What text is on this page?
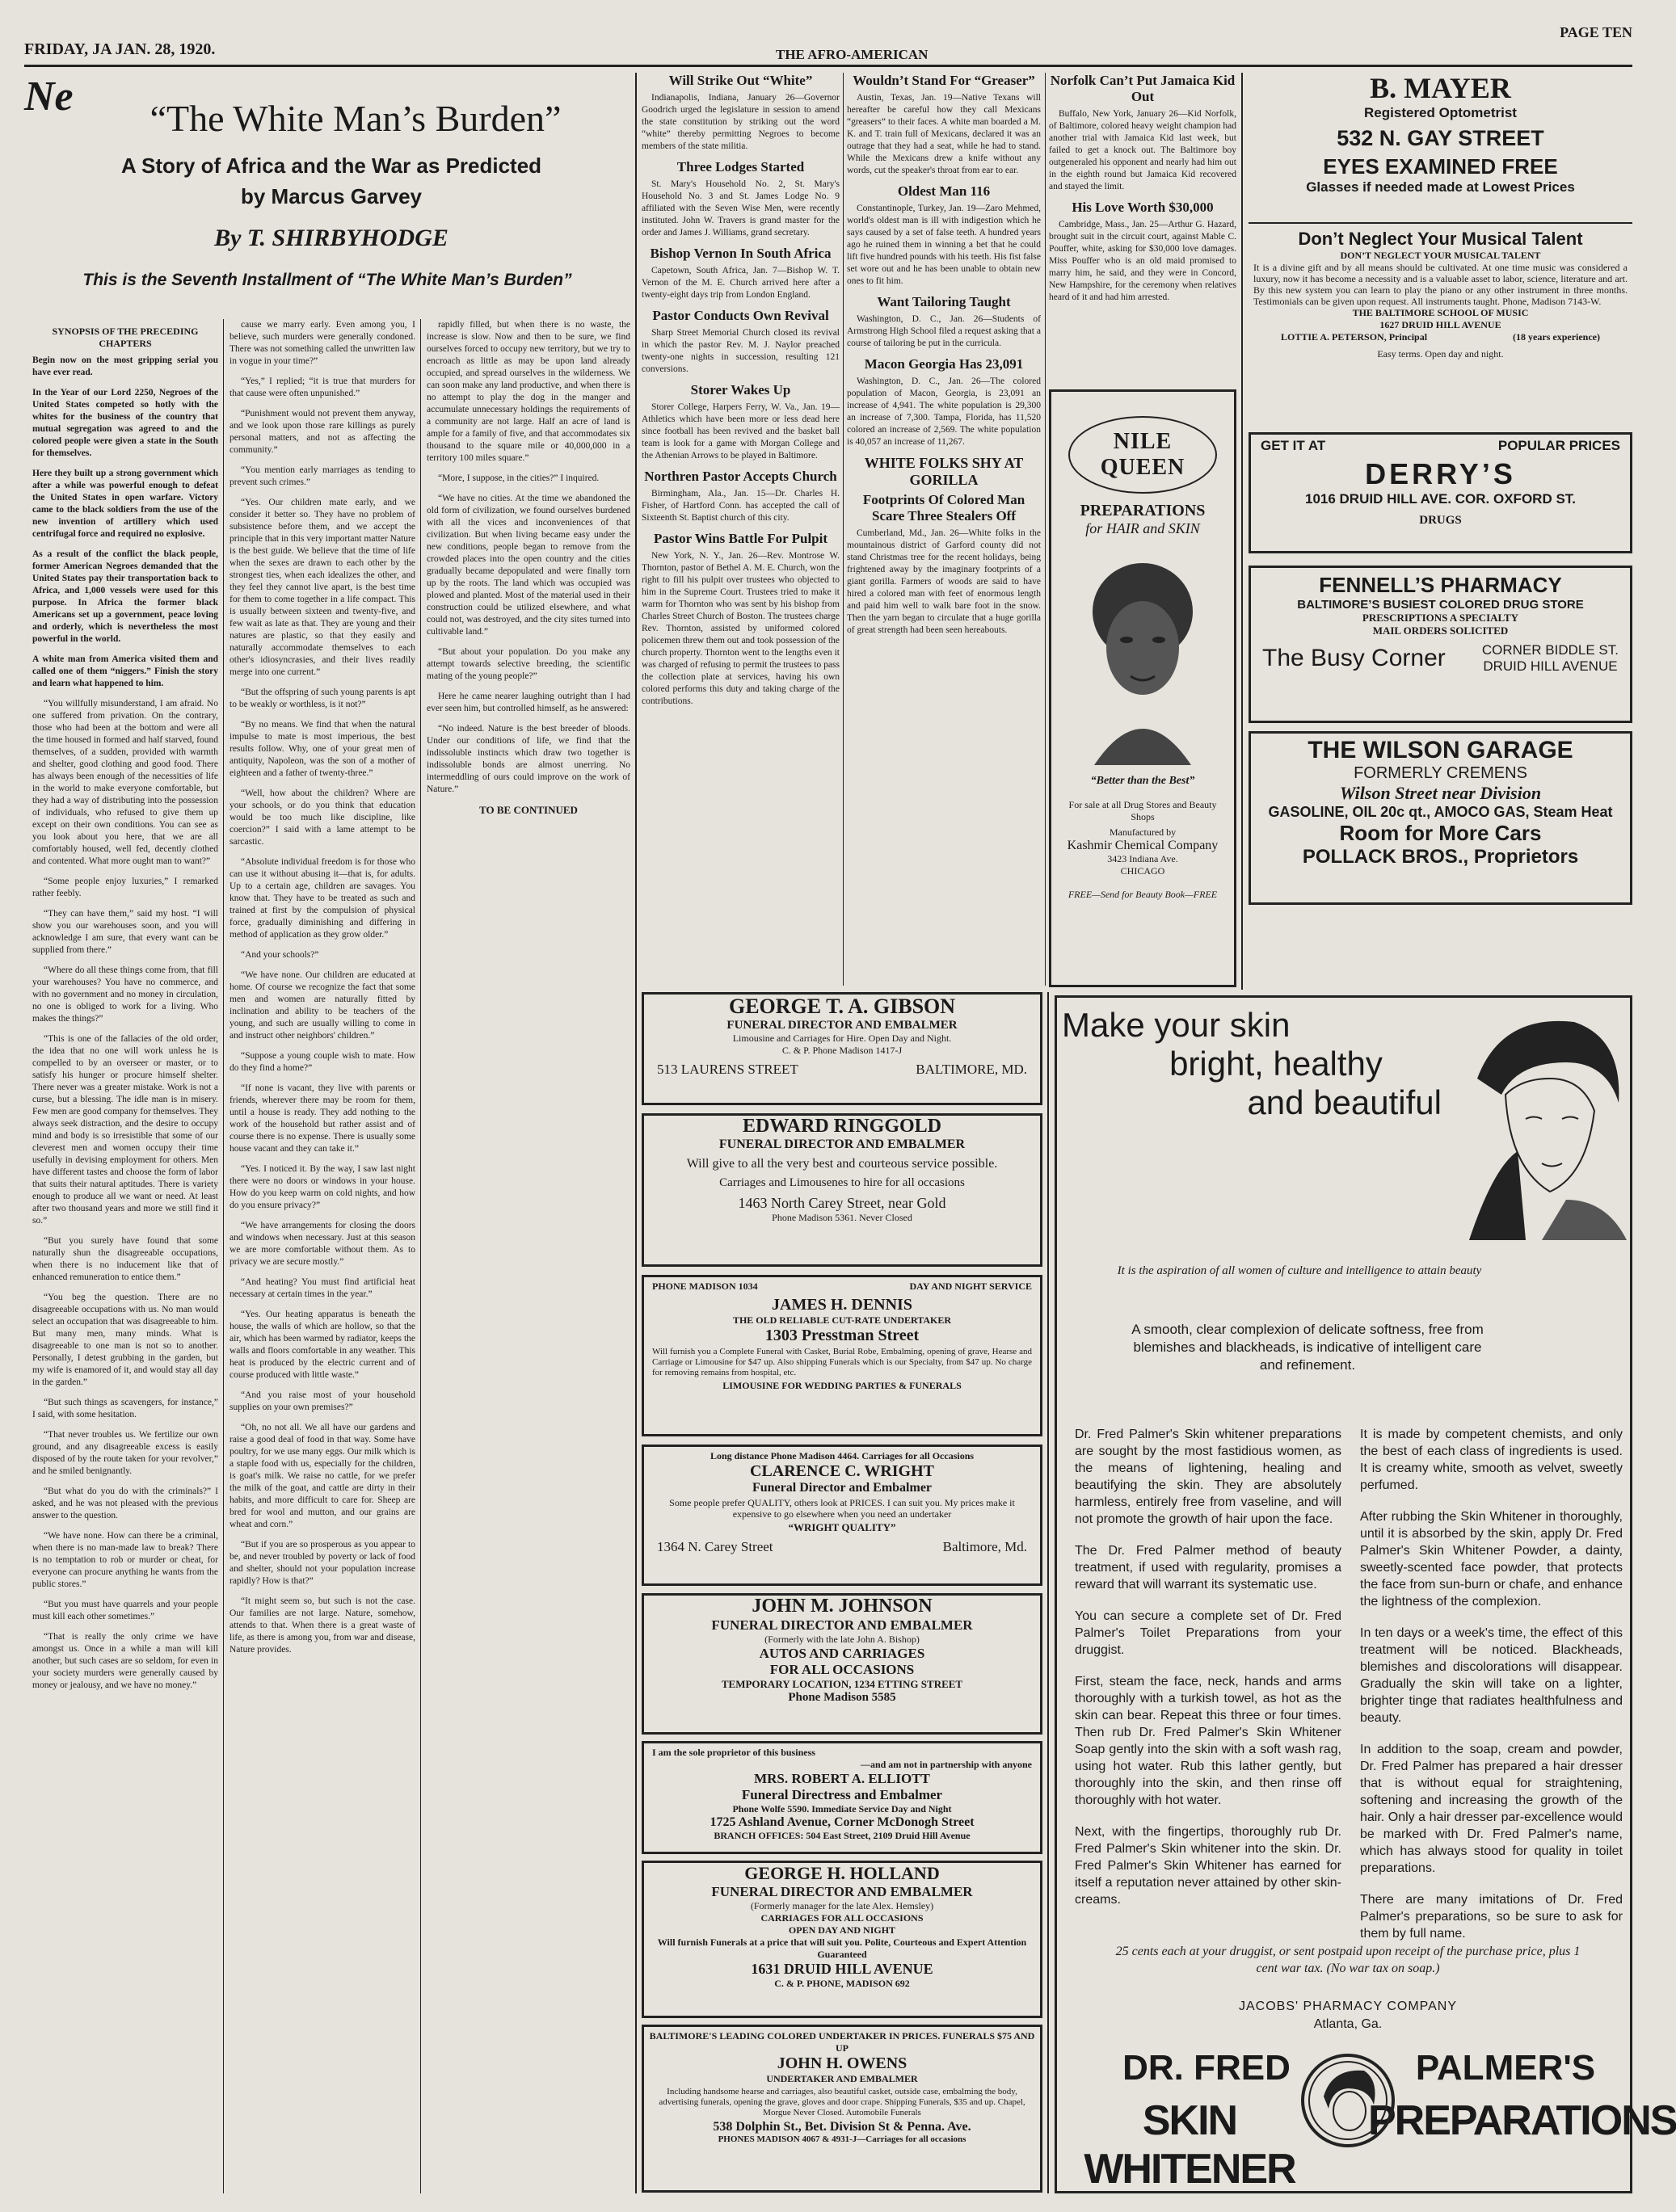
FRIDAY, JA JAN. 28, 1920.	THE AFRO-AMERICAN
PAGE TEN
Ne	“The White Man’s Burden”
A Story of Africa and the War as Predicted
by Marcus Garvey
By T. SHIRBYHODGE
This is the Seventh Installment of “The White Man’s Burden”
SYNOPSIS OF THE PRECEDING CHAPTERS

Begin now on the most gripping serial you have ever read.

In the Year of our Lord 2250, Negroes of the United States competed so hotly with the whites for the business of the country that mutual segregation was agreed to and the colored people were given a state in the South for themselves.

Here they built up a strong government which after a while was powerful enough to defeat the United States in open warfare. Victory came to the black soldiers from the use of the new invention of artillery which used centrifugal force and required no explosive.

As a result of the conflict the black people, former American Negroes demanded that the United States pay their transportation back to Africa, and 1,000 vessels were used for this purpose. In Africa the former black Americans set up a government, peace loving and orderly, which is nevertheless the most powerful in the world.

A white man from America visited them and called one of them “niggers.” Finish the story and learn what happened to him.

“You willfully misunderstand, I am afraid. No one suffered from privation. On the contrary, those who had been at the bottom and were all the time housed in formed and half starved, found themselves, of a sudden, provided with warmth and shelter, good clothing and good food. There has always been enough of the necessities of life in the world to make everyone comfortable, but they had a way of distributing into the possession of individuals, who refused to give them up except on their own conditions. You can see as you look about you here, that we are all comfortably housed, well fed, decently clothed and contented. What more ought man to want?”

“Some people enjoy luxuries,” I remarked rather feebly.

“They can have them,” said my host. “I will show you our warehouses soon, and you will acknowledge I am sure, that every want can be supplied from there.”

“Where do all these things come from, that fill your warehouses? You have no commerce, and with no government and no money in circulation, no one is obliged to work for a living. Who makes the things?”

“This is one of the fallacies of the old order, the idea that no one will work unless he is compelled to by an overseer or master, or to satisfy his hunger or procure himself shelter. There never was a greater mistake. Work is not a curse, but a blessing. The idle man is in misery. Few men are good company for themselves. They always seek distraction, and the desire to occupy mind and body is so irresistible that some of our cleverest men and women occupy their time usefully in devising employment for others. Men have different tastes and choose the form of labor that suits their natural aptitudes. There is variety enough to produce all we want or need. At least after two thousand years and more we still find it so.”

“But you surely have found that some naturally shun the disagreeable occupations, when there is no inducement like that of enhanced remuneration to entice them.”

“You beg the question. There are no disagreeable occupations with us. No man would select an occupation that was disagreeable to him. But many men, many minds. What is disagreeable to one man is not so to another. Personally, I detest grubbing in the garden, but my wife is enamored of it, and would stay all day in the garden.”

“But such things as scavengers, for instance,” I said, with some hesitation.

“That never troubles us. We fertilize our own ground, and any disagreeable excess is easily disposed of by the route taken for your revolver,” and he smiled benignantly.

“But what do you do with the criminals?” I asked, and he was not pleased with the previous answer to the question.

“We have none. How can there be a criminal, when there is no man-made law to break? There is no temptation to rob or murder or cheat, for everyone can procure anything he wants from the public stores.”

“But you must have quarrels and your people must kill each other sometimes.”

“That is really the only crime we have amongst us. Once in a while a man will kill another, but such cases are so seldom, for even in your society murders were generally caused by money or jealousy, and we have no money.”

cause we marry early. Even among you, I believe, such murders were generally condoned. There was not something called the unwritten law in vogue in your time?”

“Yes,” I replied; “it is true that murders for that cause were often unpunished.”

“Punishment would not prevent them anyway, and we look upon those rare killings as purely personal matters, and not as affecting the community.”

“You mention early marriages as tending to prevent such crimes.”

“Yes. Our children mate early, and we consider it better so. They have no problem of subsistence before them, and we accept the principle that in this very important matter Nature is the best guide. We believe that the time of life when the sexes are drawn to each other by the strongest ties, when each idealizes the other, and they feel they cannot live apart, is the best time for them to come together in a life compact. This is usually between sixteen and twenty-five, and few wait as late as that. They are young and their natures are plastic, so that they easily and naturally accommodate themselves to each other's idiosyncrasies, and their lives readily merge into one current.”

“But the offspring of such young parents is apt to be weakly or worthless, is it not?”

“By no means. We find that when the natural impulse to mate is most imperious, the best results follow. Why, one of your great men of antiquity, Napoleon, was the son of a mother of eighteen and a father of twenty-three.”

“Well, how about the children? Where are your schools, or do you think that education would be too much like discipline, like coercion?” I said with a lame attempt to be sarcastic.

“Absolute individual freedom is for those who can use it without abusing it—that is, for adults. Up to a certain age, children are savages. You know that. They have to be treated as such and trained at first by the compulsion of physical force, gradually diminishing and differing in method of application as they grow older.”

“And your schools?”

“We have none. Our children are educated at home. Of course we recognize the fact that some men and women are naturally fitted by inclination and ability to be teachers of the young, and such are usually willing to come in and instruct other neighbors' children.”

“Suppose a young couple wish to mate. How do they find a home?”

“If none is vacant, they live with parents or friends, wherever there may be room for them, until a house is ready. They add nothing to the work of the household but rather assist and of course there is no expense. There is usually some house vacant and they can take it.”

“Yes. I noticed it. By the way, I saw last night there were no doors or windows in your house. How do you keep warm on cold nights, and how do you ensure privacy?”

“We have arrangements for closing the doors and windows when necessary. Just at this season we are more comfortable without them. As to privacy we are secure mostly.”

“And heating? You must find artificial heat necessary at certain times in the year.”

“Yes. Our heating apparatus is beneath the house, the walls of which are hollow, so that the air, which has been warmed by radiator, keeps the walls and floors comfortable in any weather. This heat is produced by the electric current and of course produced with little waste.”

“And you raise most of your household supplies on your own premises?”

“Oh, no not all. We all have our gardens and raise a good deal of food in that way. Some have poultry, for we use many eggs. Our milk which is a staple food with us, especially for the children, is goat's milk. We raise no cattle, for we prefer the milk of the goat, and cattle are dirty in their habits, and more difficult to care for. Sheep are bred for wool and mutton, and our grains are wheat and corn.”

“But if you are so prosperous as you appear to be, and never troubled by poverty or lack of food and shelter, should not your population increase rapidly? How is that?”

“It might seem so, but such is not the case. Our families are not large. Nature, somehow, attends to that. When there is a great waste of life, as there is among you, from war and disease, Nature provides.

rapidly filled, but when there is no waste, the increase is slow. Now and then to be sure, we find ourselves forced to occupy new territory, but we try to encroach as little as may be upon land already occupied, and spread ourselves in the wilderness. We can soon make any land productive, and when there is no attempt to play the dog in the manger and accumulate unnecessary holdings the requirements of a community are not large. Half an acre of land is ample for a family of five, and that accommodates six thousand to the square mile or 40,000,000 in a territory 100 miles square.”

“More, I suppose, in the cities?” I inquired.

“We have no cities. At the time we abandoned the old form of civilization, we found ourselves burdened with all the vices and inconveniences of that civilization. But when living became easy under the new conditions, people began to remove from the crowded places into the open country and the cities gradually became depopulated and were finally torn up by the roots. The land which was occupied was plowed and planted. Most of the material used in their construction could be utilized elsewhere, and what could not, was destroyed, and the city sites turned into cultivable land.”

“But about your population. Do you make any attempt towards selective breeding, the scientific mating of the young people?”

Here he came nearer laughing outright than I had ever seen him, but controlled himself, as he answered:

“No indeed. Nature is the best breeder of bloods. Under our conditions of life, we find that the indissoluble instincts which draw two together is indissoluble bonds are almost unerring. No intermeddling of ours could improve on the work of Nature.”

TO BE CONTINUED
Will Strike Out “White”

Indianapolis, Indiana, January 26—Governor Goodrich urged the legislature in session to amend the state constitution by striking out the word “white” thereby permitting Negroes to become members of the state militia.

Three Lodges Started

St. Mary's Household No. 2, St. Mary's Household No. 3 and St. James Lodge No. 9 affiliated with the Seven Wise Men, were recently instituted. John W. Travers is grand master for the order and James J. Williams, grand secretary.

Bishop Vernon In South Africa

Capetown, South Africa, Jan. 7—Bishop W. T. Vernon of the M. E. Church arrived here after a twenty-eight days trip from London England.

Pastor Conducts Own Revival

Sharp Street Memorial Church closed its revival in which the pastor Rev. M. J. Naylor preached twenty-one nights in succession, resulting 121 conversions.

Storer Wakes Up

Storer College, Harpers Ferry, W. Va., Jan. 19—Athletics which have been more or less dead here since football has been revived and the basket ball team is look for a game with Morgan College and the Athenian Arrows to be played in Baltimore.

Northren Pastor Accepts Church

Birmingham, Ala., Jan. 15—Dr. Charles H. Fisher, of Hartford Conn. has accepted the call of Sixteenth St. Baptist church of this city.

Pastor Wins Battle For Pulpit

New York, N. Y., Jan. 26—Rev. Montrose W. Thornton, pastor of Bethel A. M. E. Church, won the right to fill his pulpit over trustees who objected to him in the Supreme Court. Trustees tried to make it warm for Thornton who was sent by his bishop from Charles Street Church of Boston. The trustees charge Rev. Thornton, assisted by uniformed colored policemen threw them out and took possession of the church property. Thornton went to the lengths even it was charged of refusing to permit the trustees to pass the collection plate at services, having his own colored performs this duty and taking charge of the contributions.

Wouldn’t Stand For “Greaser”

Austin, Texas, Jan. 19—Native Texans will hereafter be careful how they call Mexicans “greasers” to their faces. A white man boarded a M. K. and T. train full of Mexicans, declared it was an outrage that they had a seat, while he had to stand. While the Mexicans drew a knife without any words, cut the speaker's throat from ear to ear.

Oldest Man 116

Constantinople, Turkey, Jan. 19—Zaro Mehmed, world's oldest man is ill with indigestion which he says caused by a set of false teeth. A hundred years ago he ruined them in winning a bet that he could lift five hundred pounds with his teeth. His fist false set wore out and he has been unable to obtain new ones to fit him.

Want Tailoring Taught

Washington, D. C., Jan. 26—Students of Armstrong High School filed a request asking that a course of tailoring be put in the curricula.

Macon Georgia Has 23,091

Washington, D. C., Jan. 26—The colored population of Macon, Georgia, is 23,091 an increase of 4,941. The white population is 29,300 an increase of 7,300. Tampa, Florida, has 11,520 colored an increase of 2,569. The white population is 40,057 an increase of 11,267.

WHITE FOLKS SHY AT GORILLA
Footprints Of Colored Man Scare Three Stealers Off

Cumberland, Md., Jan. 26—White folks in the mountainous district of Garford county did not stand Christmas tree for the recent holidays, being frightened away by the imaginary footprints of a giant gorilla. Farmers of woods are said to have hired a colored man with feet of enormous length and paid him well to walk bare foot in the snow. Then the yarn began to circulate that a huge gorilla of great strength had been seen hereabouts.

Norfolk Can’t Put Jamaica Kid Out

Buffalo, New York, January 26—Kid Norfolk, of Baltimore, colored heavy weight champion had another trial with Jamaica Kid last week, but failed to get a knock out. The Baltimore boy outgeneraled his opponent and nearly had him out in the eighth round but Jamaica Kid recovered and stayed the limit.

His Love Worth $30,000

Cambridge, Mass., Jan. 25—Arthur G. Hazard, brought suit in the circuit court, against Mable C. Pouffer, white, asking for $30,000 love damages. Miss Pouffer who is an old maid promised to marry him, he said, and they were in Concord, New Hampshire, for the ceremony when relatives heard of it and had him arrested.

NILE QUEEN
PREPARATIONS
for HAIR and SKIN
“Better than the Best”
For sale at all Drug Stores and Beauty Shops
Manufactured by
Kashmir Chemical Company
3423 Indiana Ave.
CHICAGO
FREE—Send for Beauty Book—FREE
B. MAYER
Registered Optometrist
532 N. GAY STREET
EYES EXAMINED FREE
Glasses if needed made at Lowest Prices
Don’t Neglect Your Musical Talent
DON’T NEGLECT YOUR MUSICAL TALENT
It is a divine gift and by all means should be cultivated. At one time music was considered a luxury, now it has become a necessity and is a valuable asset to labor, science, literature and art. By this new system you can learn to play the piano or any other instrument in three months. Testimonials can be given upon request. All instruments taught. Phone, Madison 7143-W.
THE BALTIMORE SCHOOL OF MUSIC
1627 DRUID HILL AVENUE
LOTTIE A. PETERSON, Principal	(18 years experience)
Easy terms. Open day and night.
GET IT AT	POPULAR PRICES
DERRY’S
1016 DRUID HILL AVE. COR. OXFORD ST.
DRUGS
FENNELL’S PHARMACY
BALTIMORE’S BUSIEST COLORED DRUG STORE
PRESCRIPTIONS A SPECIALTY
MAIL ORDERS SOLICITED
The Busy Corner	CORNER BIDDLE ST.
DRUID HILL AVENUE
THE WILSON GARAGE
FORMERLY CREMENS
Wilson Street near Division
GASOLINE, OIL 20c qt., AMOCO GAS, Steam Heat
Room for More Cars
POLLACK BROS., Proprietors
GEORGE T. A. GIBSON
FUNERAL DIRECTOR AND EMBALMER
Limousine and Carriages for Hire. Open Day and Night.
C. & P. Phone Madison 1417-J
513 LAURENS STREET	BALTIMORE, MD.
EDWARD RINGGOLD
FUNERAL DIRECTOR AND EMBALMER
Will give to all the very best and courteous service possible.
Carriages and Limousenes to hire for all occasions
1463 North Carey Street, near Gold
Phone Madison 5361. Never Closed
PHONE MADISON 1034	DAY AND NIGHT SERVICE
JAMES H. DENNIS
THE OLD RELIABLE CUT-RATE UNDERTAKER
1303 Presstman Street
Will furnish you a Complete Funeral with Casket, Burial Robe, Embalming, opening of grave, Hearse and Carriage or Limousine for $47 up. Also shipping Funerals which is our Specialty, from $47 up. No charge for removing remains from hospital, etc.
LIMOUSINE FOR WEDDING PARTIES & FUNERALS
Long distance Phone Madison 4464. Carriages for all Occasions
CLARENCE C. WRIGHT
Funeral Director and Embalmer
Some people prefer QUALITY, others look at PRICES. I can suit you. My prices make it expensive to go elsewhere when you need an undertaker
“WRIGHT QUALITY”
1364 N. Carey Street	Baltimore, Md.
JOHN M. JOHNSON
FUNERAL DIRECTOR AND EMBALMER
(Formerly with the late John A. Bishop)
AUTOS AND CARRIAGES
FOR ALL OCCASIONS
TEMPORARY LOCATION, 1234 ETTING STREET
Phone Madison 5585
I am the sole proprietor of this business
—and am not in partnership with anyone
MRS. ROBERT A. ELLIOTT
Funeral Directress and Embalmer
Phone Wolfe 5590. Immediate Service Day and Night
1725 Ashland Avenue, Corner McDonogh Street
BRANCH OFFICES: 504 East Street, 2109 Druid Hill Avenue
GEORGE H. HOLLAND
FUNERAL DIRECTOR AND EMBALMER
(Formerly manager for the late Alex. Hemsley)
CARRIAGES FOR ALL OCCASIONS
OPEN DAY AND NIGHT
Will furnish Funerals at a price that will suit you. Polite, Courteous and Expert Attention Guaranteed
1631 DRUID HILL AVENUE
C. & P. PHONE, MADISON 692
BALTIMORE'S LEADING COLORED UNDERTAKER IN PRICES. FUNERALS $75 AND UP
JOHN H. OWENS
UNDERTAKER AND EMBALMER
Including handsome hearse and carriages, also beautiful casket, outside case, embalming the body, advertising funerals, opening the grave, gloves and door crape. Shipping Funerals, $35 and up. Chapel, Morgue Never Closed. Automobile Funerals
538 Dolphin St., Bet. Division St & Penna. Ave.
PHONES MADISON 4067 & 4931-J—Carriages for all occasions
Make your skin
bright, healthy
and beautiful
It is the aspiration of all women of culture and intelligence to attain beauty
A smooth, clear complexion of delicate softness, free from blemishes and blackheads, is indicative of intelligent care and refinement.

Dr. Fred Palmer's Skin whitener preparations are sought by the most fastidious women, as the means of lightening, healing and beautifying the skin. They are absolutely harmless, entirely free from vaseline, and will not promote the growth of hair upon the face.

The Dr. Fred Palmer method of beauty treatment, if used with regularity, promises a reward that will warrant its systematic use.

You can secure a complete set of Dr. Fred Palmer's Toilet Preparations from your druggist.

First, steam the face, neck, hands and arms thoroughly with a turkish towel, as hot as the skin can bear. Repeat this three or four times. Then rub Dr. Fred Palmer's Skin Whitener Soap gently into the skin with a soft wash rag, using hot water. Rub this lather gently, but thoroughly into the skin, and then rinse off thoroughly with hot water.

Next, with the fingertips, thoroughly rub Dr. Fred Palmer's Skin whitener into the skin. Dr. Fred Palmer's Skin Whitener has earned for itself a reputation never attained by other skin-creams.

It is made by competent chemists, and only the best of each class of ingredients is used. It is creamy white, smooth as velvet, sweetly perfumed.

After rubbing the Skin Whitener in thoroughly, until it is absorbed by the skin, apply Dr. Fred Palmer's Skin Whitener Powder, a dainty, sweetly-scented face powder, that protects the face from sun-burn or chafe, and enhance the lightness of the complexion.

In ten days or a week's time, the effect of this treatment will be noticed. Blackheads, blemishes and discolorations will disappear. Gradually the skin will take on a lighter, brighter tinge that radiates healthfulness and beauty.

In addition to the soap, cream and powder, Dr. Fred Palmer has prepared a hair dresser that is without equal for straightening, softening and increasing the growth of the hair. Only a hair dresser par-excellence would be marked with Dr. Fred Palmer's name, which has always stood for quality in toilet preparations.

There are many imitations of Dr. Fred Palmer's preparations, so be sure to ask for them by full name.

25 cents each at your druggist, or sent postpaid upon receipt of the purchase price, plus 1 cent war tax. (No war tax on soap.)
JACOBS' PHARMACY COMPANY
Atlanta, Ga.
DR. FRED	PALMER'S
SKIN WHITENER
PREPARATIONS
